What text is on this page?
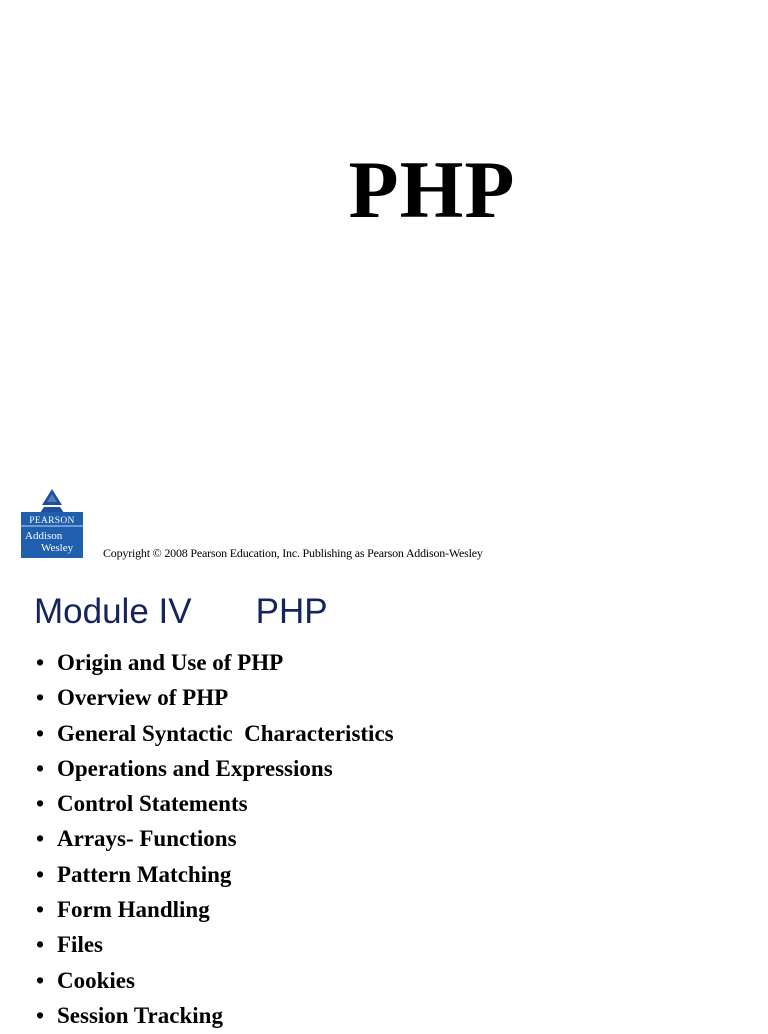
PHP
PEARSON
Addison
Wesley Copyright © 2008 Pearson Education, Inc. Publishing as Pearson Addison-Wesley
Module IV PHP
• Origin and Use of PHP
• Overview of PHP
• General Syntactic  Characteristics
• Operations and Expressions
• Control Statements
• Arrays- Functions
• Pattern Matching
• Form Handling
• Files
• Cookies
• Session Tracking
